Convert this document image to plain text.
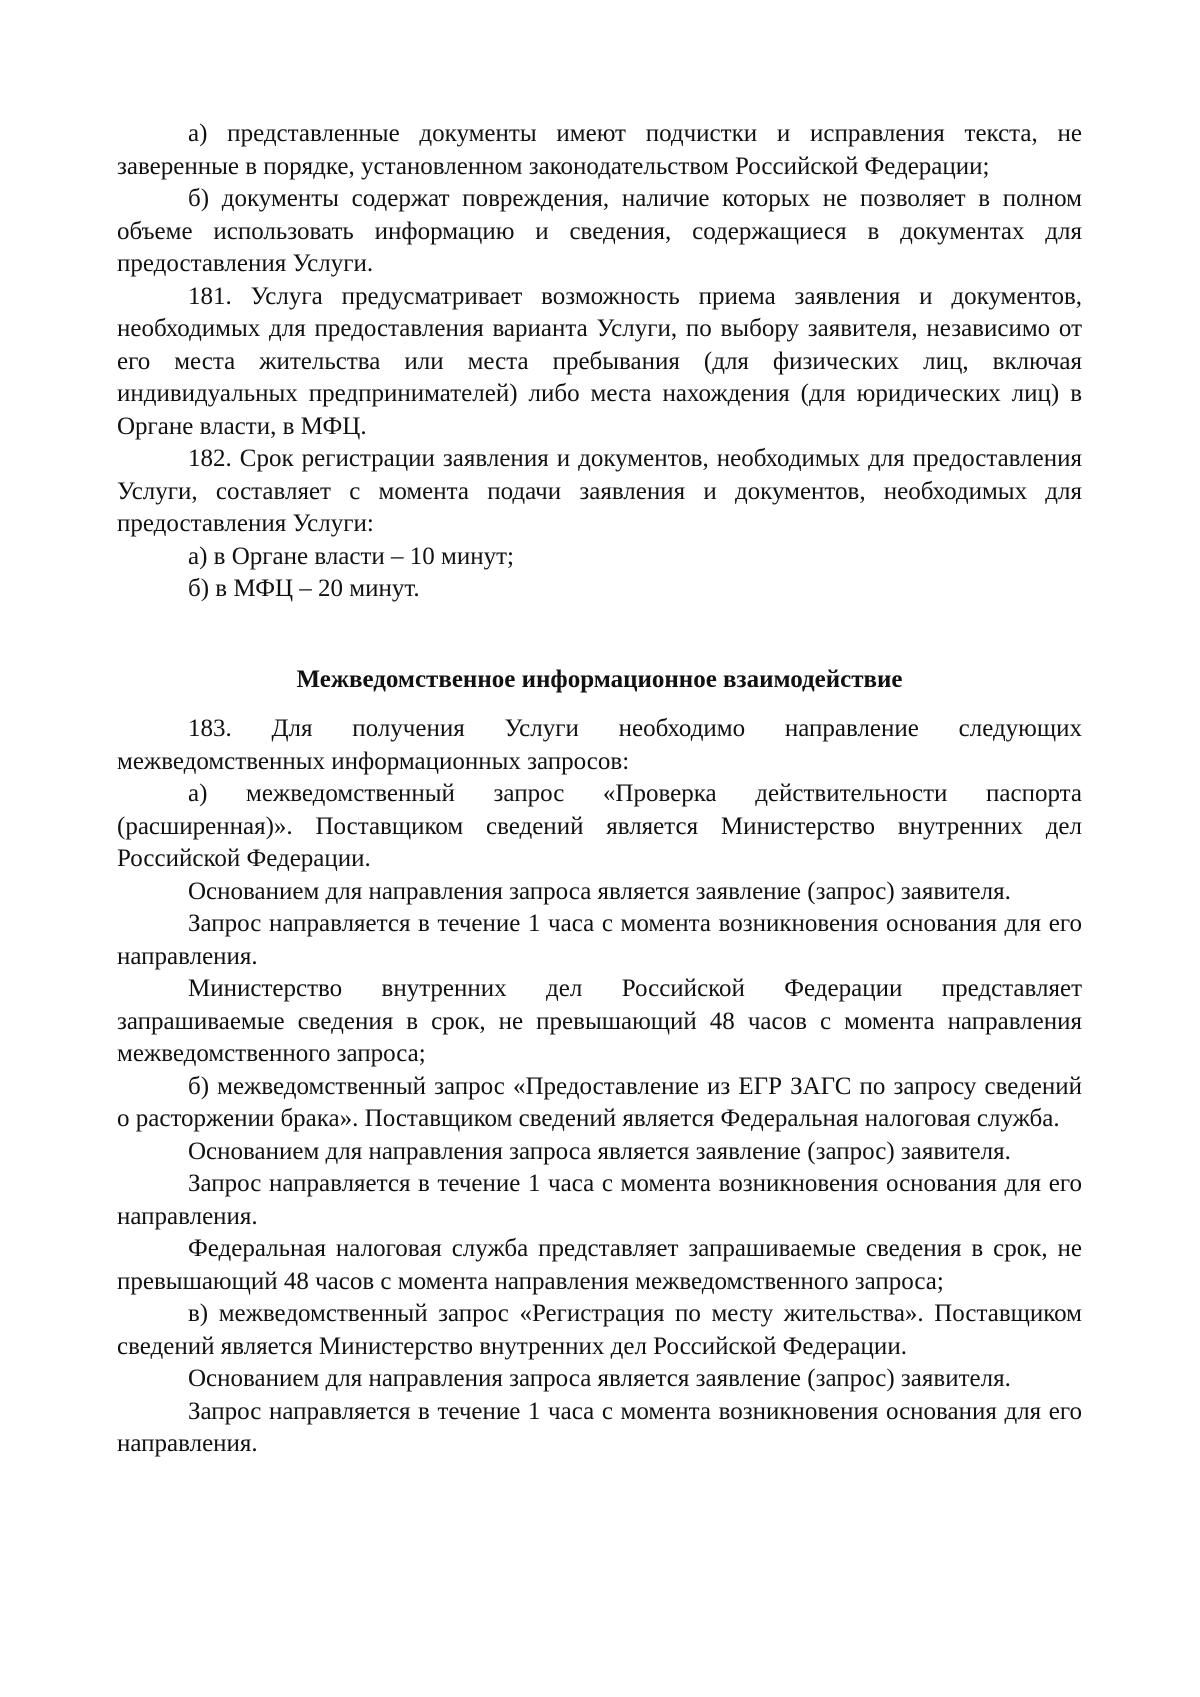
а) представленные документы имеют подчистки и исправления текста, не заверенные в порядке, установленном законодательством Российской Федерации;

б) документы содержат повреждения, наличие которых не позволяет в полном объеме использовать информацию и сведения, содержащиеся в документах для предоставления Услуги.

181. Услуга предусматривает возможность приема заявления и документов, необходимых для предоставления варианта Услуги, по выбору заявителя, независимо от его места жительства или места пребывания (для физических лиц, включая индивидуальных предпринимателей) либо места нахождения (для юридических лиц) в Органе власти, в МФЦ.

182. Срок регистрации заявления и документов, необходимых для предоставления Услуги, составляет с момента подачи заявления и документов, необходимых для предоставления Услуги:

а) в Органе власти – 10 минут;

б) в МФЦ – 20 минут.

Межведомственное информационное взаимодействие

183. Для получения Услуги необходимо направление следующих межведомственных информационных запросов:

а) межведомственный запрос «Проверка действительности паспорта (расширенная)». Поставщиком сведений является Министерство внутренних дел Российской Федерации.

Основанием для направления запроса является заявление (запрос) заявителя.

Запрос направляется в течение 1 часа с момента возникновения основания для его направления.

Министерство внутренних дел Российской Федерации представляет запрашиваемые сведения в срок, не превышающий 48 часов с момента направления межведомственного запроса;

б) межведомственный запрос «Предоставление из ЕГР ЗАГС по запросу сведений о расторжении брака». Поставщиком сведений является Федеральная налоговая служба.

Основанием для направления запроса является заявление (запрос) заявителя.

Запрос направляется в течение 1 часа с момента возникновения основания для его направления.

Федеральная налоговая служба представляет запрашиваемые сведения в срок, не превышающий 48 часов с момента направления межведомственного запроса;

в) межведомственный запрос «Регистрация по месту жительства». Поставщиком сведений является Министерство внутренних дел Российской Федерации.

Основанием для направления запроса является заявление (запрос) заявителя.

Запрос направляется в течение 1 часа с момента возникновения основания для его направления.
